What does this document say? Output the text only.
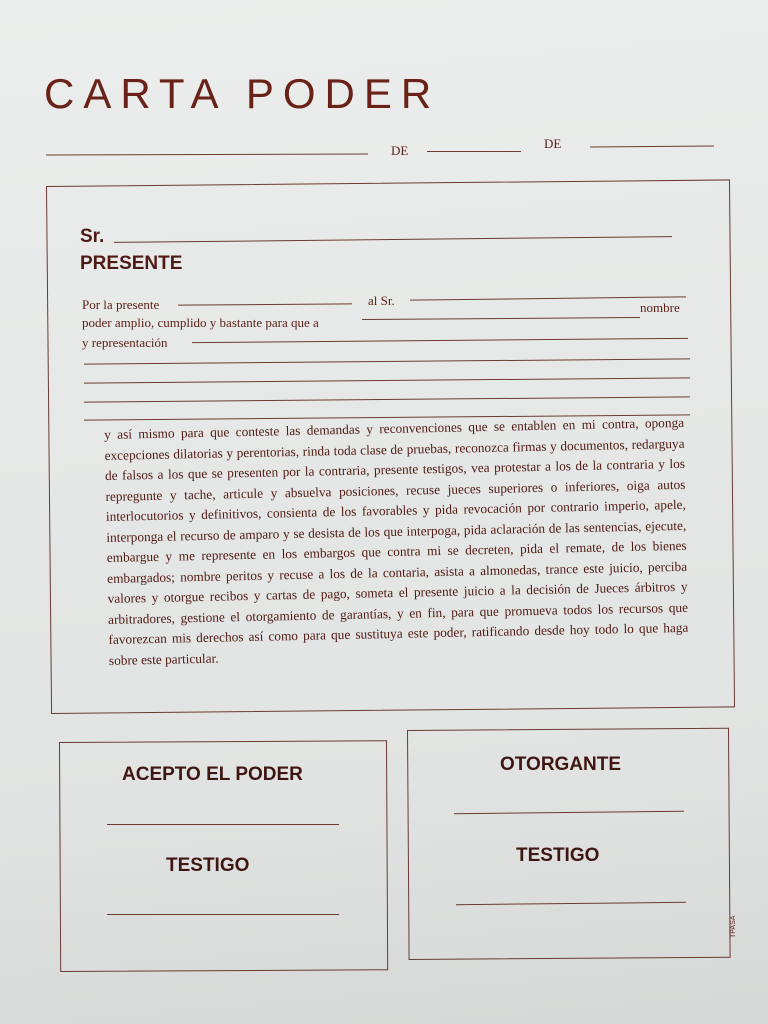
CARTA PODER
DE	DE
Sr.
PRESENTE
Por la presente	al Sr.	nombre
poder amplio, cumplido y bastante para que a
y representación
y así mismo para que conteste las demandas y reconvenciones que se entablen en mi contra, oponga excepciones dilatorias y perentorias, rinda toda clase de pruebas, reconozca firmas y documentos, redarguya de falsos a los que se presenten por la contraria, presente testigos, vea protestar a los de la contraria y los repregunte y tache, articule y absuelva posiciones, recuse jueces superiores o inferiores, oiga autos interlocutorios y definitivos, consienta de los favorables y pida revocación por contrario imperio, apele, interponga el recurso de amparo y se desista de los que interpoga, pida aclaración de las sentencias, ejecute, embargue y me represente en los embargos que contra mi se decreten, pida el remate, de los bienes embargados; nombre peritos y recuse a los de la contaria, asista a almonedas, trance este juicio, perciba valores y otorgue recibos y cartas de pago, someta el presente juicio a la decisión de Jueces árbitros y arbitradores, gestione el otorgamiento de garantías, y en fin, para que promueva todos los recursos que favorezcan mis derechos así como para que sustituya este poder, ratificando desde hoy todo lo que haga sobre este particular.
ACEPTO EL PODER
TESTIGO
OTORGANTE
TESTIGO
TPASA
